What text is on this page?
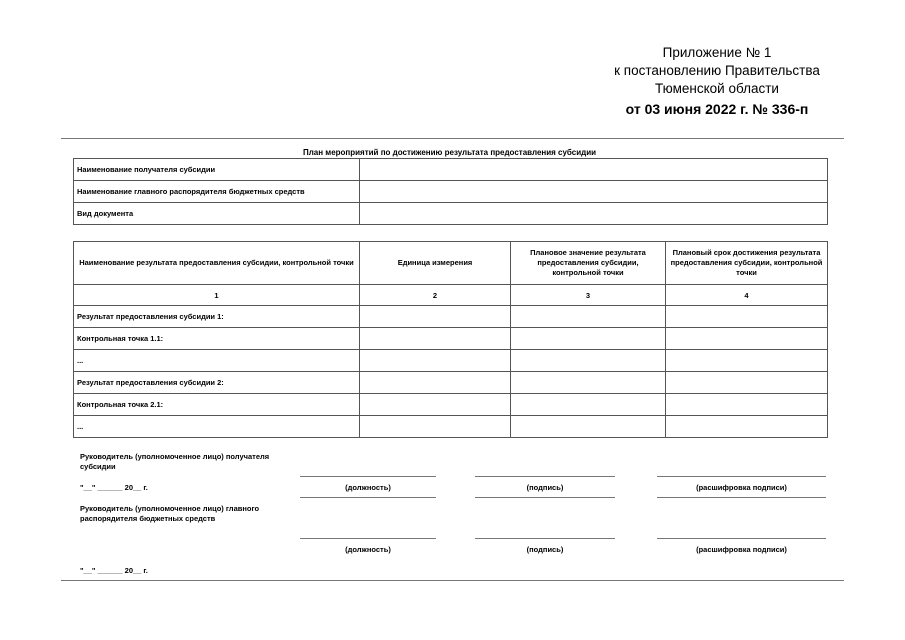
Приложение № 1
к постановлению Правительства
Тюменской области
от 03 июня 2022 г. № 336-п
План мероприятий по достижению результата предоставления субсидии
Наименование получателя субсидии	
Наименование главного распорядителя бюджетных средств	
Вид документа	
Наименование результата предоставления субсидии, контрольной точки	Единица измерения	Плановое значение результата предоставления субсидии, контрольной точки	Плановый срок достижения результата предоставления субсидии, контрольной точки
1	2	3	4
Результат предоставления субсидии 1:			
Контрольная точка 1.1:			
...			
Результат предоставления субсидии 2:			
Контрольная точка 2.1:			
...			
Руководитель (уполномоченное лицо) получателя субсидии
"__" ______ 20__ г.	(должность)	(подпись)	(расшифровка подписи)
Руководитель (уполномоченное лицо) главного распорядителя бюджетных средств
(должность)	(подпись)	(расшифровка подписи)
"__" ______ 20__ г.
